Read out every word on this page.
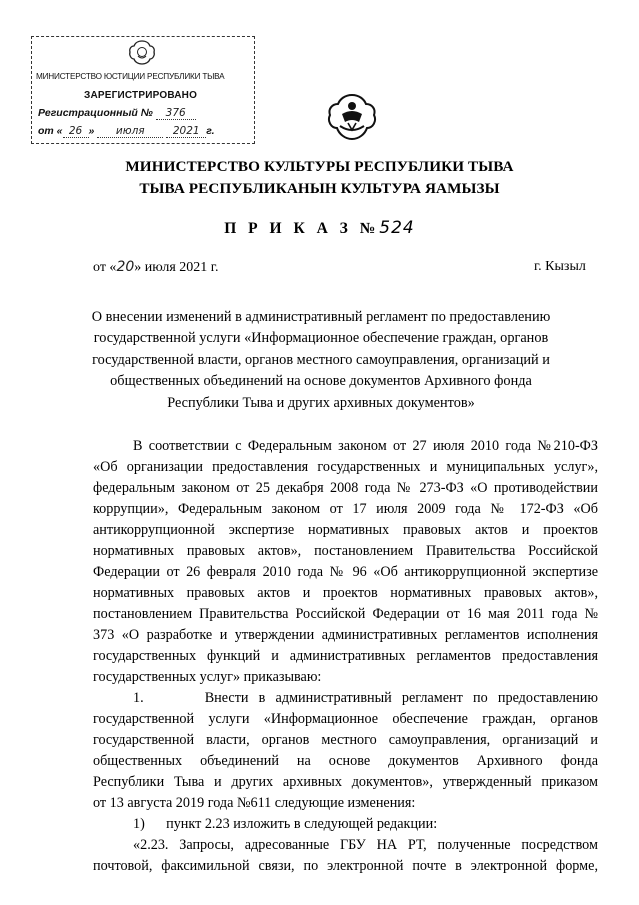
МИНИСТЕРСТВО ЮСТИЦИИ РЕСПУБЛИКИ ТЫВА
ЗАРЕГИСТРИРОВАНО
Регистрационный № 376
от « 26 » июля	2021 г.
МИНИСТЕРСТВО КУЛЬТУРЫ РЕСПУБЛИКИ ТЫВА
ТЫВА РЕСПУБЛИКАНЫН КУЛЬТУРА ЯАМЫЗЫ
П Р И К А З №524
от «20» июля 2021 г.	г. Кызыл
О внесении изменений в административный регламент по предоставлению государственной услуги «Информационное обеспечение граждан, органов государственной власти, органов местного самоуправления, организаций и общественных объединений на основе документов Архивного фонда Республики Тыва и других архивных документов»
В соответствии с Федеральным законом от 27 июля 2010 года №210-ФЗ
«Об организации предоставления государственных и муниципальных услуг»,
федеральным законом от 25 декабря 2008 года № 273-ФЗ «О противодействии
коррупции», Федеральным законом от 17 июля 2009 года № 172-ФЗ «Об
антикоррупционной экспертизе нормативных правовых актов и проектов
нормативных правовых актов», постановлением Правительства Российской
Федерации от 26 февраля 2010 года № 96 «Об антикоррупционной экспертизе
нормативных правовых актов и проектов нормативных правовых актов»,
постановлением Правительства Российской Федерации от 16 мая 2011 года №
373 «О разработке и утверждении административных регламентов исполнения
государственных функций и административных регламентов предоставления
государственных услуг» приказываю:
1.      Внести в административный регламент по предоставлению
государственной услуги «Информационное обеспечение граждан, органов
государственной власти, органов местного самоуправления, организаций и
общественных объединений на основе документов Архивного фонда
Республики Тыва и других архивных документов», утвержденный приказом
от 13 августа 2019 года №611 следующие изменения:
1)      пункт 2.23 изложить в следующей редакции:
«2.23. Запросы, адресованные ГБУ НА РТ, полученные посредством
почтовой, факсимильной связи, по электронной почте в электронной форме,
